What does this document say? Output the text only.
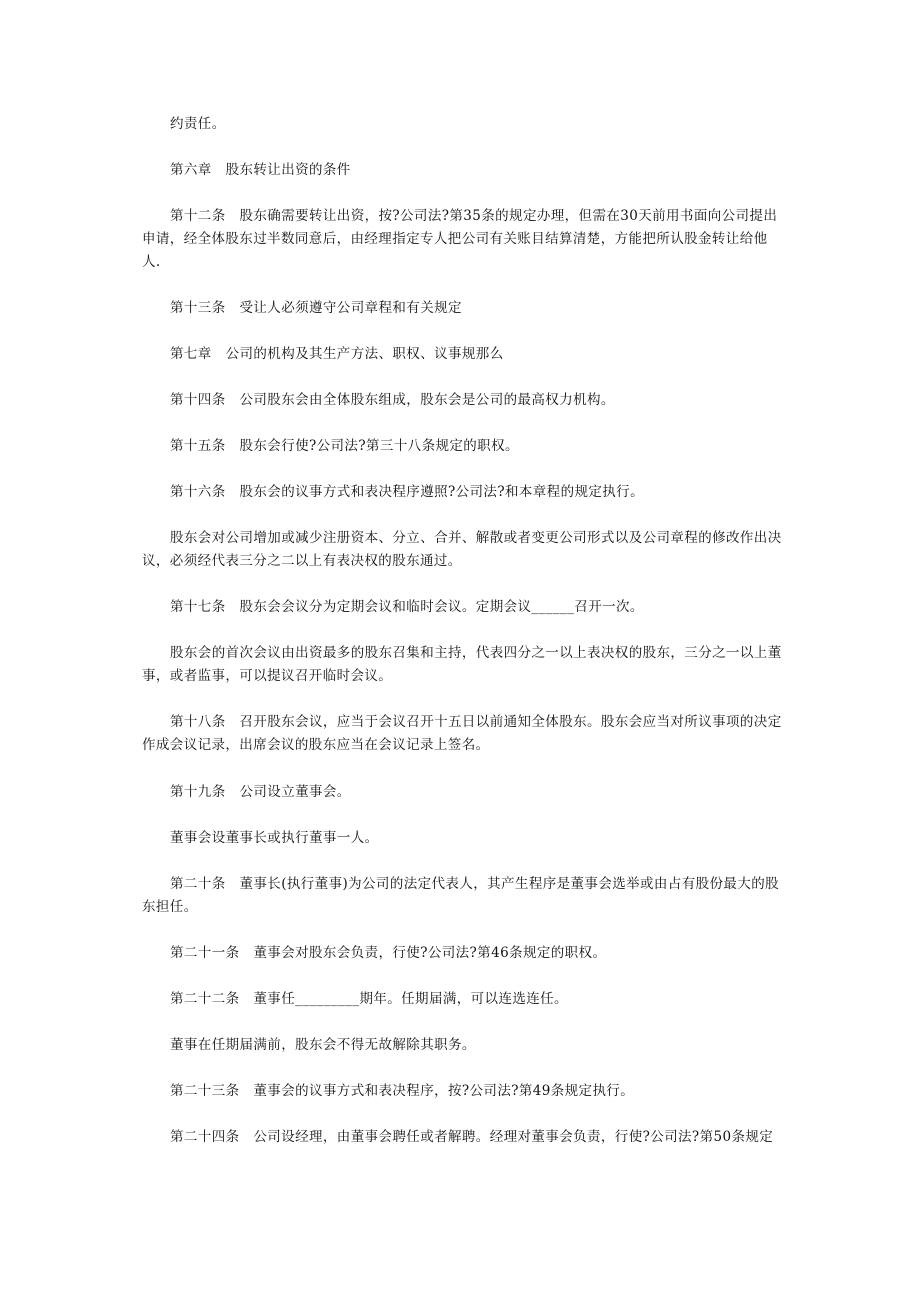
约责任。

第六章　股东转让出资的条件

第十二条　股东确需要转让出资，按?公司法?第35条的规定办理，但需在30天前用书面向公司提出申请，经全体股东过半数同意后，由经理指定专人把公司有关账目结算清楚，方能把所认股金转让给他人.

第十三条　受让人必须遵守公司章程和有关规定

第七章　公司的机构及其生产方法、职权、议事规那么

第十四条　公司股东会由全体股东组成，股东会是公司的最高权力机构。

第十五条　股东会行使?公司法?第三十八条规定的职权。

第十六条　股东会的议事方式和表决程序遵照?公司法?和本章程的规定执行。

股东会对公司增加或减少注册资本、分立、合并、解散或者变更公司形式以及公司章程的修改作出决议，必须经代表三分之二以上有表决权的股东通过。

第十七条　股东会会议分为定期会议和临时会议。定期会议______召开一次。

股东会的首次会议由出资最多的股东召集和主持，代表四分之一以上表决权的股东，三分之一以上董事，或者监事，可以提议召开临时会议。

第十八条　召开股东会议，应当于会议召开十五日以前通知全体股东。股东会应当对所议事项的决定作成会议记录，出席会议的股东应当在会议记录上签名。

第十九条　公司设立董事会。

董事会设董事长或执行董事一人。

第二十条　董事长(执行董事)为公司的法定代表人，其产生程序是董事会选举或由占有股份最大的股东担任。

第二十一条　董事会对股东会负责，行使?公司法?第46条规定的职权。

第二十二条　董事任_________期年。任期届满，可以连选连任。

董事在任期届满前，股东会不得无故解除其职务。

第二十三条　董事会的议事方式和表决程序，按?公司法?第49条规定执行。

第二十四条　公司设经理，由董事会聘任或者解聘。经理对董事会负责，行使?公司法?第50条规定
